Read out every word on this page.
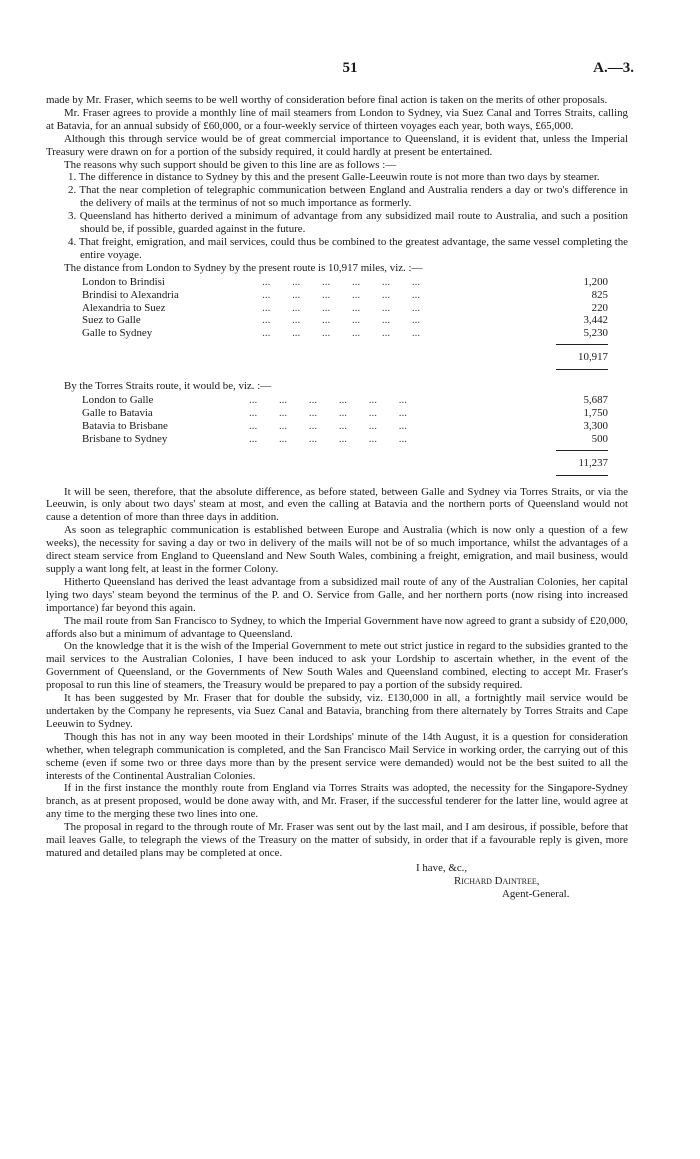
51	A.—3.

made by Mr. Fraser, which seems to be well worthy of consideration before final action is taken on the merits of other proposals.

Mr. Fraser agrees to provide a monthly line of mail steamers from London to Sydney, via Suez Canal and Torres Straits, calling at Batavia, for an annual subsidy of £60,000, or a four-weekly service of thirteen voyages each year, both ways, £65,000.

Although this through service would be of great commercial importance to Queensland, it is evident that, unless the Imperial Treasury were drawn on for a portion of the subsidy required, it could hardly at present be entertained.

The reasons why such support should be given to this line are as follows :—

1. The difference in distance to Sydney by this and the present Galle-Leeuwin route is not more than two days by steamer.

2. That the near completion of telegraphic communication between England and Australia renders a day or two's difference in the delivery of mails at the terminus of not so much importance as formerly.

3. Queensland has hitherto derived a minimum of advantage from any subsidized mail route to Australia, and such a position should be, if possible, guarded against in the future.

4. That freight, emigration, and mail services, could thus be combined to the greatest advantage, the same vessel completing the entire voyage.

The distance from London to Sydney by the present route is 10,917 miles, viz. :—

London to Brindisi	...        ...        ...        ...        ...        ...	1,200
Brindisi to Alexandria	...        ...        ...        ...        ...        ...	825
Alexandria to Suez	...        ...        ...        ...        ...        ...	220
Suez to Galle	...        ...        ...        ...        ...        ...	3,442
Galle to Sydney	...        ...        ...        ...        ...        ...	5,230

		10,917

By the Torres Straits route, it would be, viz. :—

London to Galle	...        ...        ...        ...        ...        ...	5,687
Galle to Batavia	...        ...        ...        ...        ...        ...	1,750
Batavia to Brisbane	...        ...        ...        ...        ...        ...	3,300
Brisbane to Sydney	...        ...        ...        ...        ...        ...	500

		11,237

It will be seen, therefore, that the absolute difference, as before stated, between Galle and Sydney via Torres Straits, or via the Leeuwin, is only about two days' steam at most, and even the calling at Batavia and the northern ports of Queensland would not cause a detention of more than three days in addition.

As soon as telegraphic communication is established between Europe and Australia (which is now only a question of a few weeks), the necessity for saving a day or two in delivery of the mails will not be of so much importance, whilst the advantages of a direct steam service from England to Queensland and New South Wales, combining a freight, emigration, and mail business, would supply a want long felt, at least in the former Colony.

Hitherto Queensland has derived the least advantage from a subsidized mail route of any of the Australian Colonies, her capital lying two days' steam beyond the terminus of the P. and O. Service from Galle, and her northern ports (now rising into increased importance) far beyond this again.

The mail route from San Francisco to Sydney, to which the Imperial Government have now agreed to grant a subsidy of £20,000, affords also but a minimum of advantage to Queensland.

On the knowledge that it is the wish of the Imperial Government to mete out strict justice in regard to the subsidies granted to the mail services to the Australian Colonies, I have been induced to ask your Lordship to ascertain whether, in the event of the Government of Queensland, or the Governments of New South Wales and Queensland combined, electing to accept Mr. Fraser's proposal to run this line of steamers, the Treasury would be prepared to pay a portion of the subsidy required.

It has been suggested by Mr. Fraser that for double the subsidy, viz. £130,000 in all, a fortnightly mail service would be undertaken by the Company he represents, via Suez Canal and Batavia, branching from there alternately by Torres Straits and Cape Leeuwin to Sydney.

Though this has not in any way been mooted in their Lordships' minute of the 14th August, it is a question for consideration whether, when telegraph communication is completed, and the San Francisco Mail Service in working order, the carrying out of this scheme (even if some two or three days more than by the present service were demanded) would not be the best suited to all the interests of the Continental Australian Colonies.

If in the first instance the monthly route from England via Torres Straits was adopted, the necessity for the Singapore-Sydney branch, as at present proposed, would be done away with, and Mr. Fraser, if the successful tenderer for the latter line, would agree at any time to the merging these two lines into one.

The proposal in regard to the through route of Mr. Fraser was sent out by the last mail, and I am desirous, if possible, before that mail leaves Galle, to telegraph the views of the Treasury on the matter of subsidy, in order that if a favourable reply is given, more matured and detailed plans may be completed at once.

I have, &c.,
Richard Daintree,
Agent-General.
